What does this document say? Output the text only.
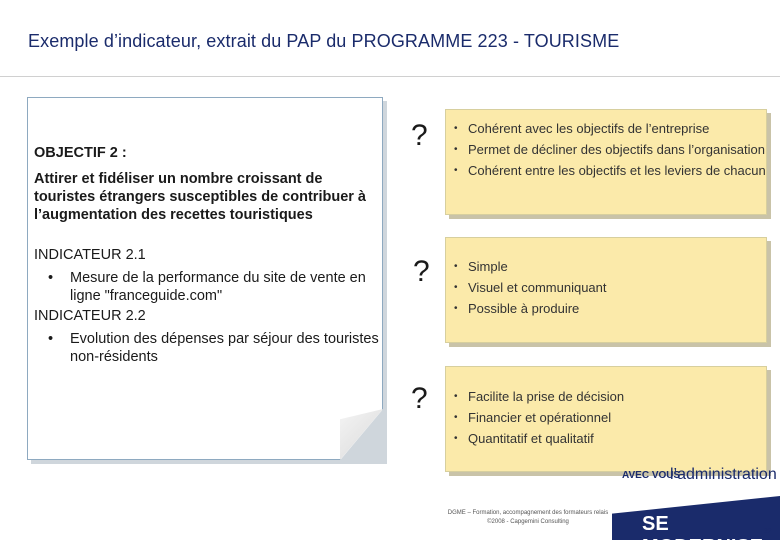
Exemple d’indicateur, extrait du PAP du PROGRAMME 223 - TOURISME

OBJECTIF 2 :

Attirer et fidéliser un nombre croissant de touristes étrangers susceptibles de contribuer à l’augmentation des recettes touristiques

INDICATEUR 2.1

• Mesure de la performance du site de vente en ligne "franceguide.com"

INDICATEUR 2.2

• Evolution des dépenses par séjour des touristes non-résidents
?
?
?
• Cohérent avec les objectifs de l’entreprise
• Permet de décliner des objectifs dans l’organisation
• Cohérent entre les objectifs et les leviers de chacun
• Simple
• Visuel et communiquant
• Possible à produire
• Facilite la prise de décision
• Financier et opérationnel
• Quantitatif et qualitatif
DGME – Formation, accompagnement des formateurs relais
©2008 - Capgemini Consulting
AVEC VOUS
l’administration
SE MODERNISE
32
